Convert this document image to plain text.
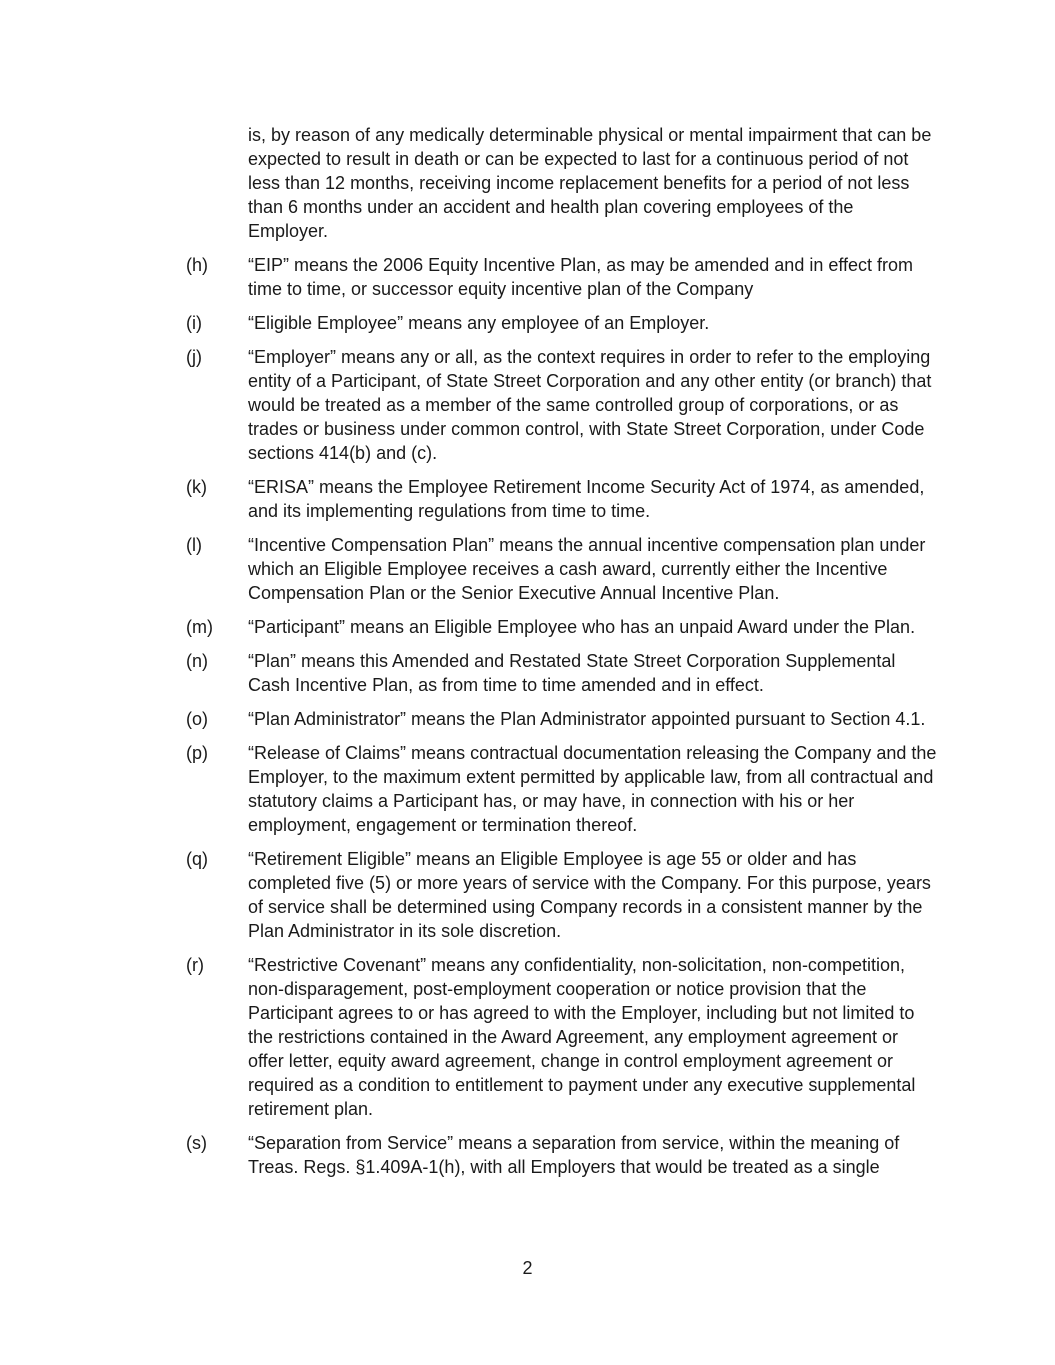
is, by reason of any medically determinable physical or mental impairment that can be expected to result in death or can be expected to last for a continuous period of not less than 12 months, receiving income replacement benefits for a period of not less than 6 months under an accident and health plan covering employees of the Employer.
(h)	“EIP” means the 2006 Equity Incentive Plan, as may be amended and in effect from time to time, or successor equity incentive plan of the Company
(i)	“Eligible Employee” means any employee of an Employer.
(j)	“Employer” means any or all, as the context requires in order to refer to the employing entity of a Participant, of State Street Corporation and any other entity (or branch) that would be treated as a member of the same controlled group of corporations, or as trades or business under common control, with State Street Corporation, under Code sections 414(b) and (c).
(k)	“ERISA” means the Employee Retirement Income Security Act of 1974, as amended, and its implementing regulations from time to time.
(l)	“Incentive Compensation Plan” means the annual incentive compensation plan under which an Eligible Employee receives a cash award, currently either the Incentive Compensation Plan or the Senior Executive Annual Incentive Plan.
(m)	“Participant” means an Eligible Employee who has an unpaid Award under the Plan.
(n)	“Plan” means this Amended and Restated State Street Corporation Supplemental Cash Incentive Plan, as from time to time amended and in effect.
(o)	“Plan Administrator” means the Plan Administrator appointed pursuant to Section 4.1.
(p)	“Release of Claims” means contractual documentation releasing the Company and the Employer, to the maximum extent permitted by applicable law, from all contractual and statutory claims a Participant has, or may have, in connection with his or her employment, engagement or termination thereof.
(q)	“Retirement Eligible” means an Eligible Employee is age 55 or older and has completed five (5) or more years of service with the Company. For this purpose, years of service shall be determined using Company records in a consistent manner by the Plan Administrator in its sole discretion.
(r)	“Restrictive Covenant” means any confidentiality, non-solicitation, non-competition, non-disparagement, post-employment cooperation or notice provision that the Participant agrees to or has agreed to with the Employer, including but not limited to the restrictions contained in the Award Agreement, any employment agreement or offer letter, equity award agreement, change in control employment agreement or required as a condition to entitlement to payment under any executive supplemental retirement plan.
(s)	“Separation from Service” means a separation from service, within the meaning of Treas. Regs. §1.409A-1(h), with all Employers that would be treated as a single
2
